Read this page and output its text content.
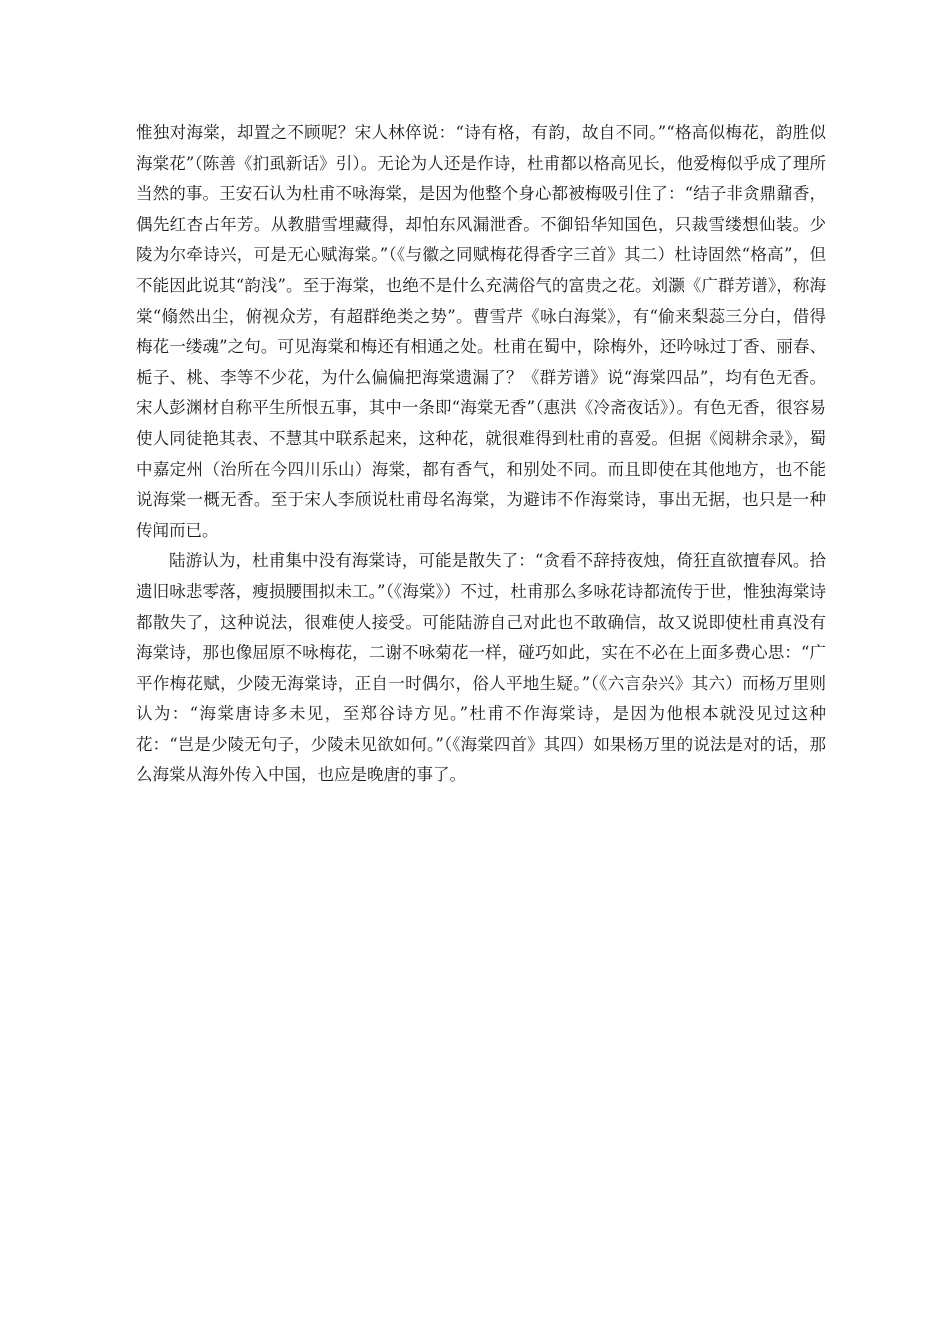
惟独对海棠，却置之不顾呢？宋人林倅说：“诗有格，有韵，故自不同。”“格高似梅花，韵胜似海棠花”（陈善《扪虱新话》引）。无论为人还是作诗，杜甫都以格高见长，他爱梅似乎成了理所当然的事。王安石认为杜甫不咏海棠，是因为他整个身心都被梅吸引住了：“结子非贪鼎鼐香，偶先红杏占年芳。从教腊雪埋藏得，却怕东风漏泄香。不御铅华知国色，只裁雪缕想仙装。少陵为尔牵诗兴，可是无心赋海棠。”（《与徽之同赋梅花得香字三首》其二）杜诗固然“格高”，但不能因此说其“韵浅”。至于海棠，也绝不是什么充满俗气的富贵之花。刘灏《广群芳谱》，称海棠“翛然出尘，俯视众芳，有超群绝类之势”。曹雪芹《咏白海棠》，有“偷来梨蕊三分白，借得梅花一缕魂”之句。可见海棠和梅还有相通之处。杜甫在蜀中，除梅外，还吟咏过丁香、丽春、栀子、桃、李等不少花，为什么偏偏把海棠遗漏了？《群芳谱》说“海棠四品”，均有色无香。宋人彭渊材自称平生所恨五事，其中一条即“海棠无香”（惠洪《冷斋夜话》）。有色无香，很容易使人同徒艳其表、不慧其中联系起来，这种花，就很难得到杜甫的喜爱。但据《阅耕余录》，蜀中嘉定州（治所在今四川乐山）海棠，都有香气，和别处不同。而且即使在其他地方，也不能说海棠一概无香。至于宋人李颀说杜甫母名海棠，为避讳不作海棠诗，事出无据，也只是一种传闻而已。

陆游认为，杜甫集中没有海棠诗，可能是散失了：“贪看不辞持夜烛，倚狂直欲擅春风。拾遗旧咏悲零落，瘦损腰围拟未工。”（《海棠》）不过，杜甫那么多咏花诗都流传于世，惟独海棠诗都散失了，这种说法，很难使人接受。可能陆游自己对此也不敢确信，故又说即使杜甫真没有海棠诗，那也像屈原不咏梅花，二谢不咏菊花一样，碰巧如此，实在不必在上面多费心思：“广平作梅花赋，少陵无海棠诗，正自一时偶尔，俗人平地生疑。”（《六言杂兴》其六）而杨万里则认为：“海棠唐诗多未见，至郑谷诗方见。”杜甫不作海棠诗，是因为他根本就没见过这种花：“岂是少陵无句子，少陵未见欲如何。”（《海棠四首》其四）如果杨万里的说法是对的话，那么海棠从海外传入中国，也应是晚唐的事了。
